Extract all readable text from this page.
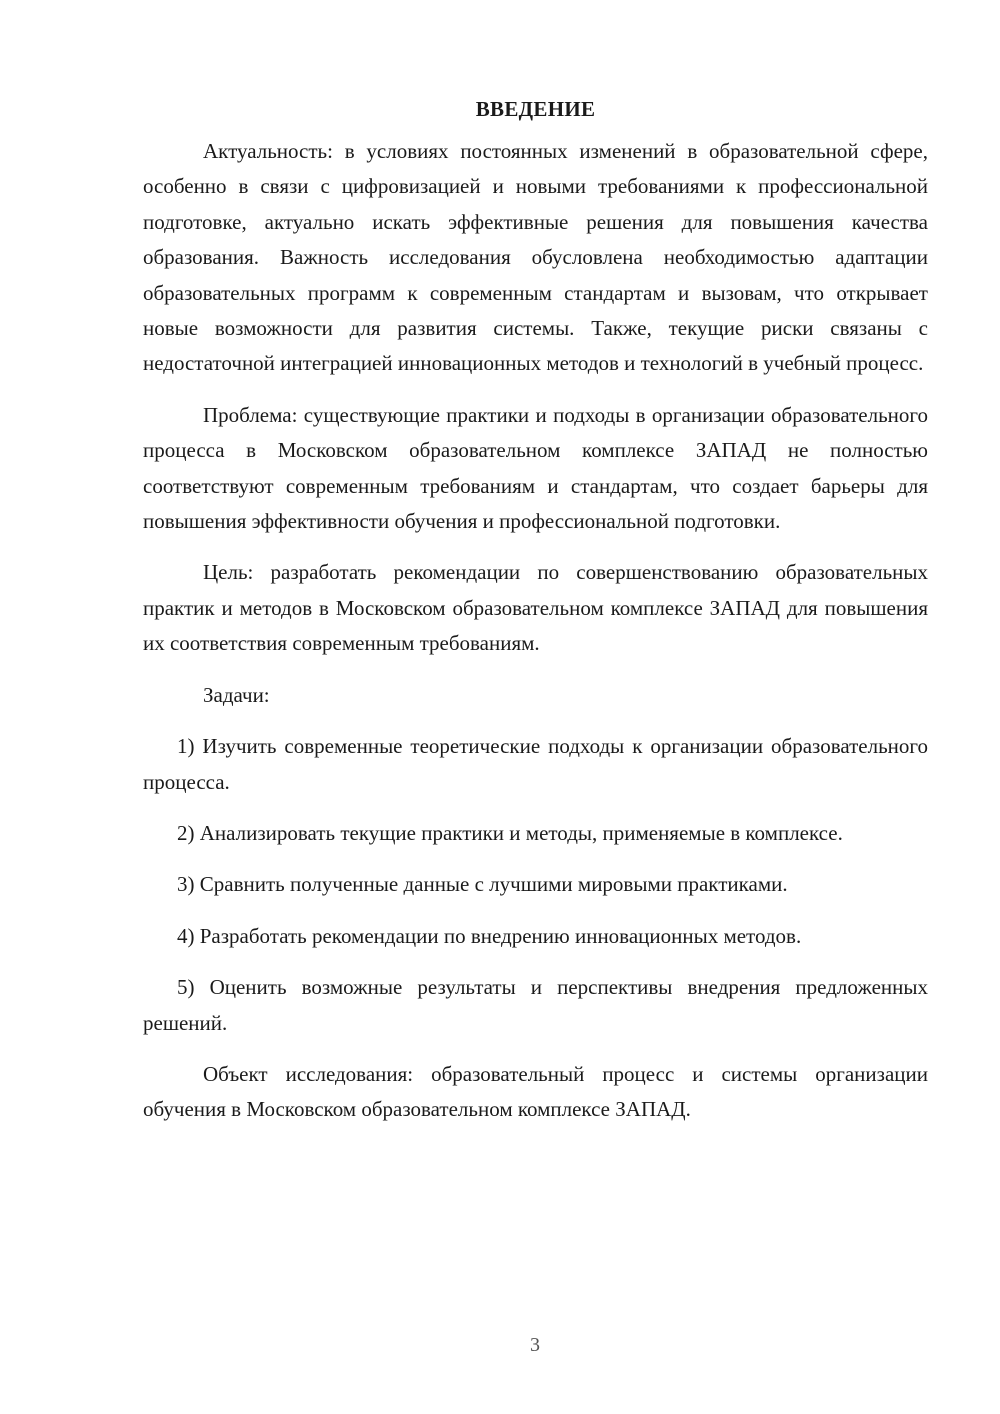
ВВЕДЕНИЕ

Актуальность: в условиях постоянных изменений в образовательной сфере, особенно в связи с цифровизацией и новыми требованиями к профессиональной подготовке, актуально искать эффективные решения для повышения качества образования. Важность исследования обусловлена необходимостью адаптации образовательных программ к современным стандартам и вызовам, что открывает новые возможности для развития системы. Также, текущие риски связаны с недостаточной интеграцией инновационных методов и технологий в учебный процесс.

Проблема: существующие практики и подходы в организации образовательного процесса в Московском образовательном комплексе ЗАПАД не полностью соответствуют современным требованиям и стандартам, что создает барьеры для повышения эффективности обучения и профессиональной подготовки.

Цель: разработать рекомендации по совершенствованию образовательных практик и методов в Московском образовательном комплексе ЗАПАД для повышения их соответствия современным требованиям.

Задачи:

1) Изучить современные теоретические подходы к организации образовательного процесса.

2) Анализировать текущие практики и методы, применяемые в комплексе.

3) Сравнить полученные данные с лучшими мировыми практиками.

4) Разработать рекомендации по внедрению инновационных методов.

5) Оценить возможные результаты и перспективы внедрения предложенных решений.

Объект исследования: образовательный процесс и системы организации обучения в Московском образовательном комплексе ЗАПАД.

3
